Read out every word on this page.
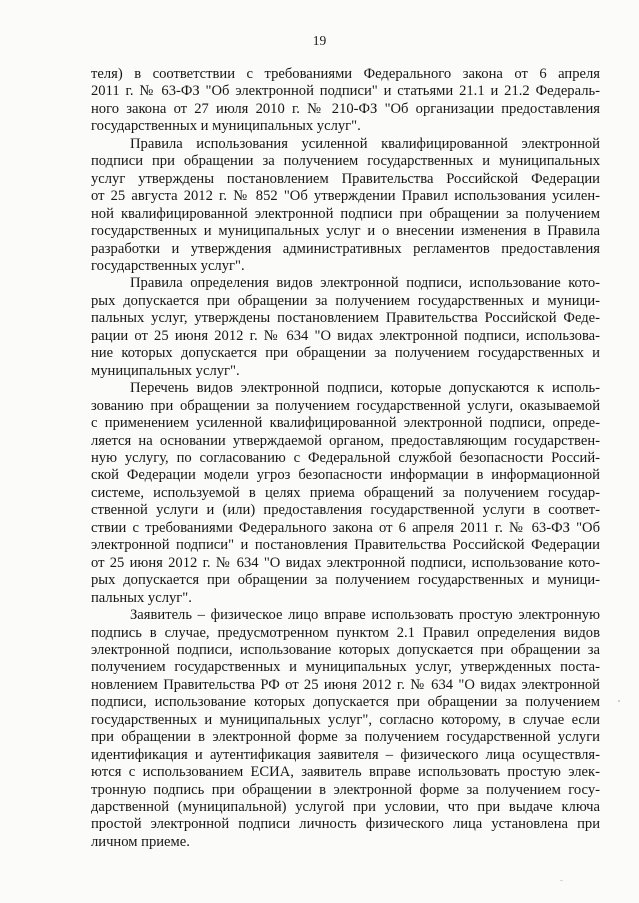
19
теля) в соответствии с требованиями Федерального закона от 6 апреля
2011 г. № 63-ФЗ "Об электронной подписи" и статьями 21.1 и 21.2 Федераль-
ного закона от 27 июля 2010 г. № 210-ФЗ "Об организации предоставления
государственных и муниципальных услуг".
Правила использования усиленной квалифицированной электронной
подписи при обращении за получением государственных и муниципальных
услуг утверждены постановлением Правительства Российской Федерации
от 25 августа 2012 г. № 852 "Об утверждении Правил использования усилен-
ной квалифицированной электронной подписи при обращении за получением
государственных и муниципальных услуг и о внесении изменения в Правила
разработки и утверждения административных регламентов предоставления
государственных услуг".
Правила определения видов электронной подписи, использование кото-
рых допускается при обращении за получением государственных и муници-
пальных услуг, утверждены постановлением Правительства Российской Феде-
рации от 25 июня 2012 г. № 634 "О видах электронной подписи, использова-
ние которых допускается при обращении за получением государственных и
муниципальных услуг".
Перечень видов электронной подписи, которые допускаются к исполь-
зованию при обращении за получением государственной услуги, оказываемой
с применением усиленной квалифицированной электронной подписи, опреде-
ляется на основании утверждаемой органом, предоставляющим государствен-
ную услугу, по согласованию с Федеральной службой безопасности Россий-
ской Федерации модели угроз безопасности информации в информационной
системе, используемой в целях приема обращений за получением государ-
ственной услуги и (или) предоставления государственной услуги в соответ-
ствии с требованиями Федерального закона от 6 апреля 2011 г. № 63-ФЗ "Об
электронной подписи" и постановления Правительства Российской Федерации
от 25 июня 2012 г. № 634 "О видах электронной подписи, использование кото-
рых допускается при обращении за получением государственных и муници-
пальных услуг".
Заявитель – физическое лицо вправе использовать простую электронную
подпись в случае, предусмотренном пунктом 2.1 Правил определения видов
электронной подписи, использование которых допускается при обращении за
получением государственных и муниципальных услуг, утвержденных поста-
новлением Правительства РФ от 25 июня 2012 г. № 634 "О видах электронной
подписи, использование которых допускается при обращении за получением
государственных и муниципальных услуг", согласно которому, в случае если
при обращении в электронной форме за получением государственной услуги
идентификация и аутентификация заявителя – физического лица осуществля-
ются с использованием ЕСИА, заявитель вправе использовать простую элек-
тронную подпись при обращении в электронной форме за получением госу-
дарственной (муниципальной) услугой при условии, что при выдаче ключа
простой электронной подписи личность физического лица установлена при
личном приеме.
